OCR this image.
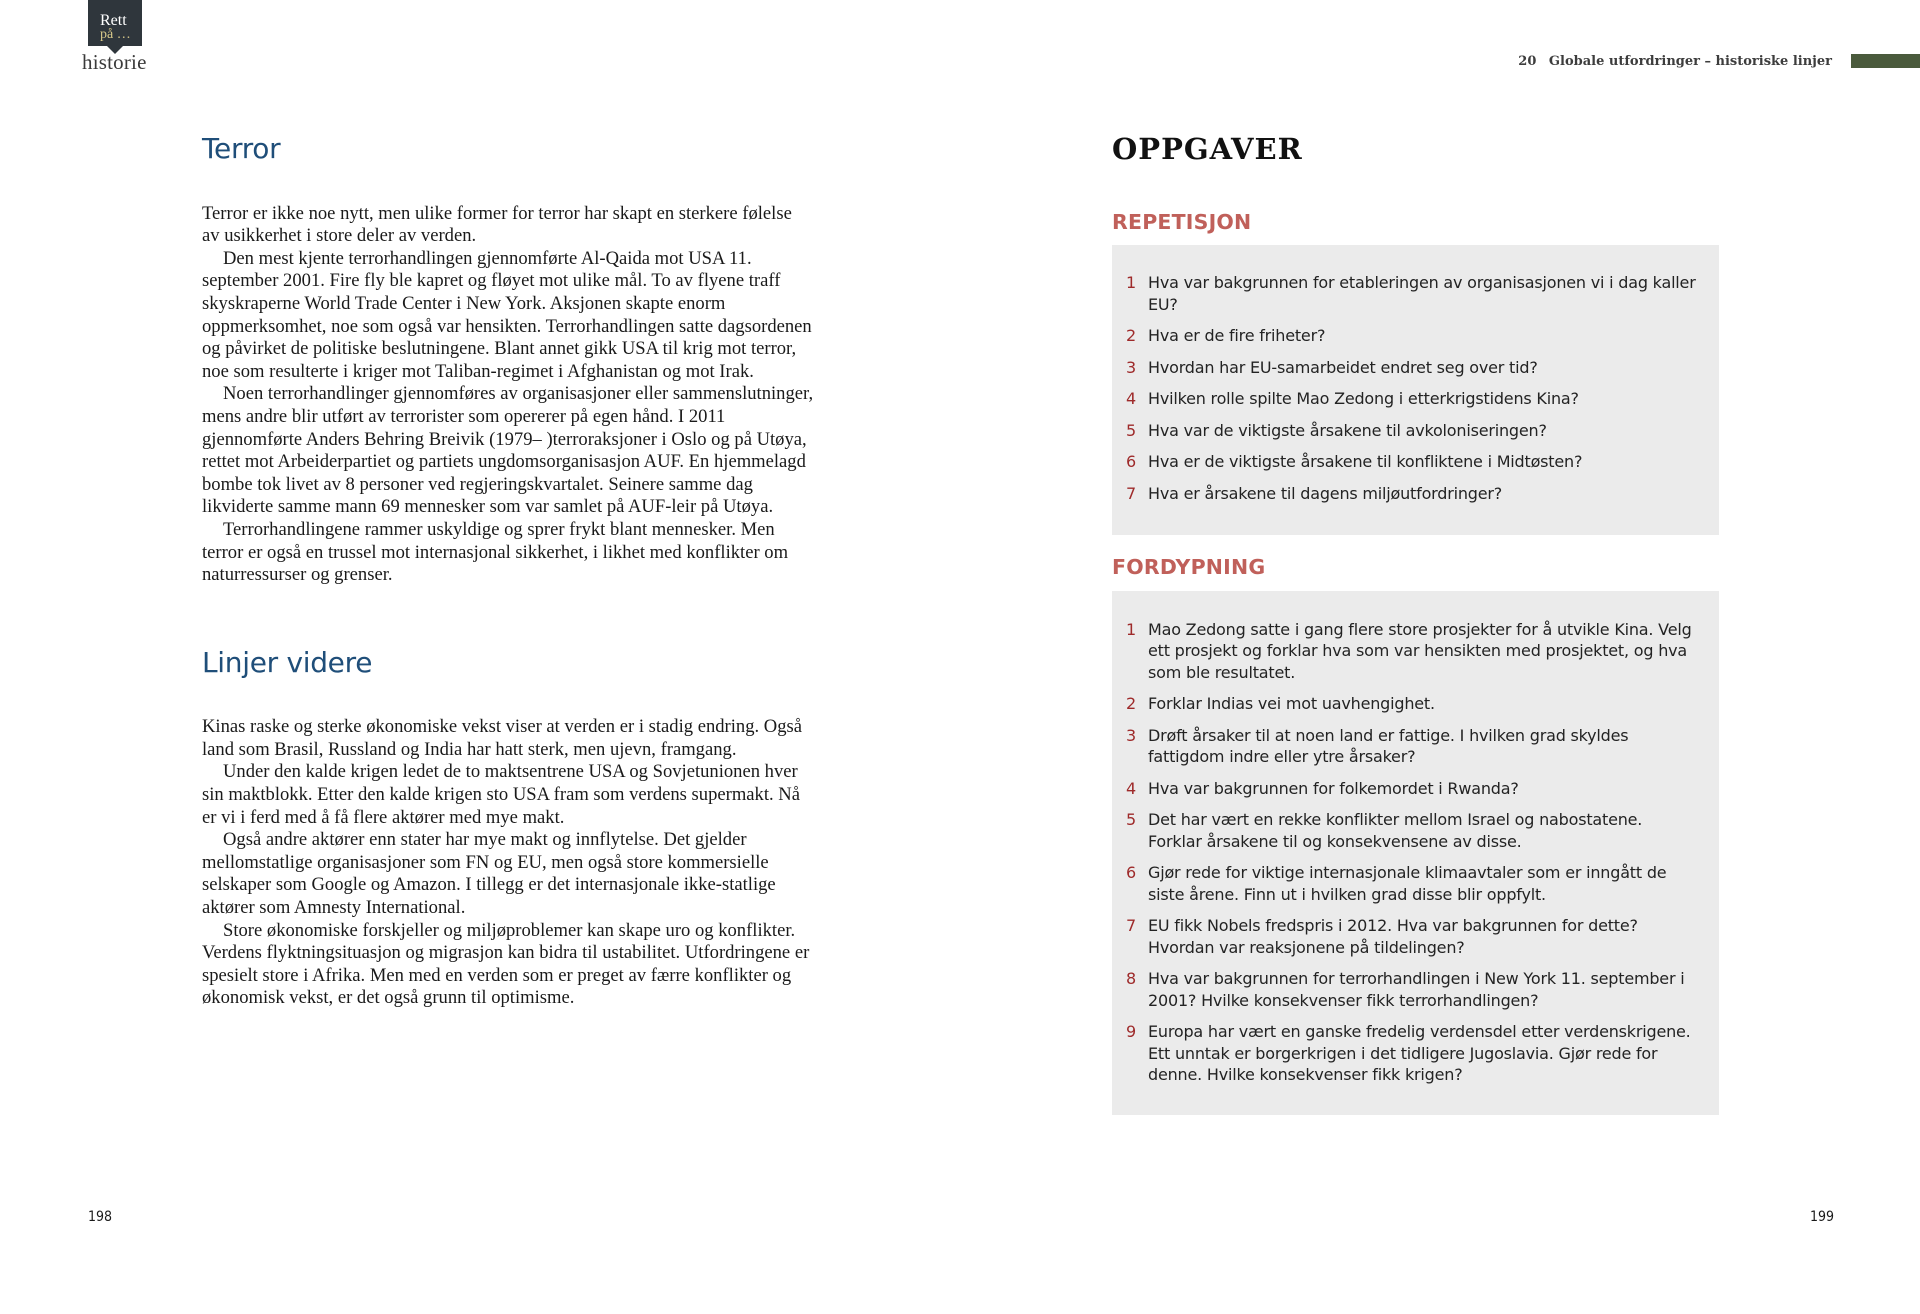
Rett
på …
historie	20 Globale utfordringer – historiske linjer
Terror

Terror er ikke noe nytt, men ulike former for terror har skapt en sterkere følelse av usikkerhet i store deler av verden.

Den mest kjente terrorhandlingen gjennomførte Al-Qaida mot USA 11. september 2001. Fire fly ble kapret og fløyet mot ulike mål. To av flyene traff skyskraperne World Trade Center i New York. Aksjonen skapte enorm oppmerksomhet, noe som også var hensikten. Terrorhandlingen satte dagsordenen og påvirket de politiske beslutningene. Blant annet gikk USA til krig mot terror, noe som resulterte i kriger mot Taliban-regimet i Afghanistan og mot Irak.

Noen terrorhandlinger gjennomføres av organisasjoner eller sammenslutninger, mens andre blir utført av terrorister som opererer på egen hånd. I 2011 gjennomførte Anders Behring Breivik (1979– )terroraksjoner i Oslo og på Utøya, rettet mot Arbeiderpartiet og partiets ungdomsorganisasjon AUF. En hjemmelagd bombe tok livet av 8 personer ved regjeringskvartalet. Seinere samme dag likviderte samme mann 69 mennesker som var samlet på AUF-leir på Utøya.

Terrorhandlingene rammer uskyldige og sprer frykt blant mennesker. Men terror er også en trussel mot internasjonal sikkerhet, i likhet med konflikter om naturressurser og grenser.

Linjer videre

Kinas raske og sterke økonomiske vekst viser at verden er i stadig endring. Også land som Brasil, Russland og India har hatt sterk, men ujevn, framgang.

Under den kalde krigen ledet de to maktsentrene USA og Sovjetunionen hver sin maktblokk. Etter den kalde krigen sto USA fram som verdens supermakt. Nå er vi i ferd med å få flere aktører med mye makt.

Også andre aktører enn stater har mye makt og innflytelse. Det gjelder mellomstatlige organisasjoner som FN og EU, men også store kommersielle selskaper som Google og Amazon. I tillegg er det internasjonale ikke-statlige aktører som Amnesty International.

Store økonomiske forskjeller og miljøproblemer kan skape uro og konflikter. Verdens flyktningsituasjon og migrasjon kan bidra til ustabilitet. Utfordringene er spesielt store i Afrika. Men med en verden som er preget av færre konflikter og økonomisk vekst, er det også grunn til optimisme.

OPPGAVER
REPETISJON
1 Hva var bakgrunnen for etableringen av organisasjonen vi i dag kaller EU?
2 Hva er de fire friheter?
3 Hvordan har EU-samarbeidet endret seg over tid?
4 Hvilken rolle spilte Mao Zedong i etterkrigstidens Kina?
5 Hva var de viktigste årsakene til avkoloniseringen?
6 Hva er de viktigste årsakene til konfliktene i Midtøsten?
7 Hva er årsakene til dagens miljøutfordringer?
FORDYPNING
1 Mao Zedong satte i gang flere store prosjekter for å utvikle Kina. Velg ett prosjekt og forklar hva som var hensikten med prosjektet, og hva som ble resultatet.
2 Forklar Indias vei mot uavhengighet.
3 Drøft årsaker til at noen land er fattige. I hvilken grad skyldes fattigdom indre eller ytre årsaker?
4 Hva var bakgrunnen for folkemordet i Rwanda?
5 Det har vært en rekke konflikter mellom Israel og nabostatene. Forklar årsakene til og konsekvensene av disse.
6 Gjør rede for viktige internasjonale klimaavtaler som er inngått de siste årene. Finn ut i hvilken grad disse blir oppfylt.
7 EU fikk Nobels fredspris i 2012. Hva var bakgrunnen for dette? Hvordan var reaksjonene på tildelingen?
8 Hva var bakgrunnen for terrorhandlingen i New York 11. september i 2001? Hvilke konsekvenser fikk terrorhandlingen?
9 Europa har vært en ganske fredelig verdensdel etter verdenskrigene. Ett unntak er borgerkrigen i det tidligere Jugoslavia. Gjør rede for denne. Hvilke konsekvenser fikk krigen?
198	199
